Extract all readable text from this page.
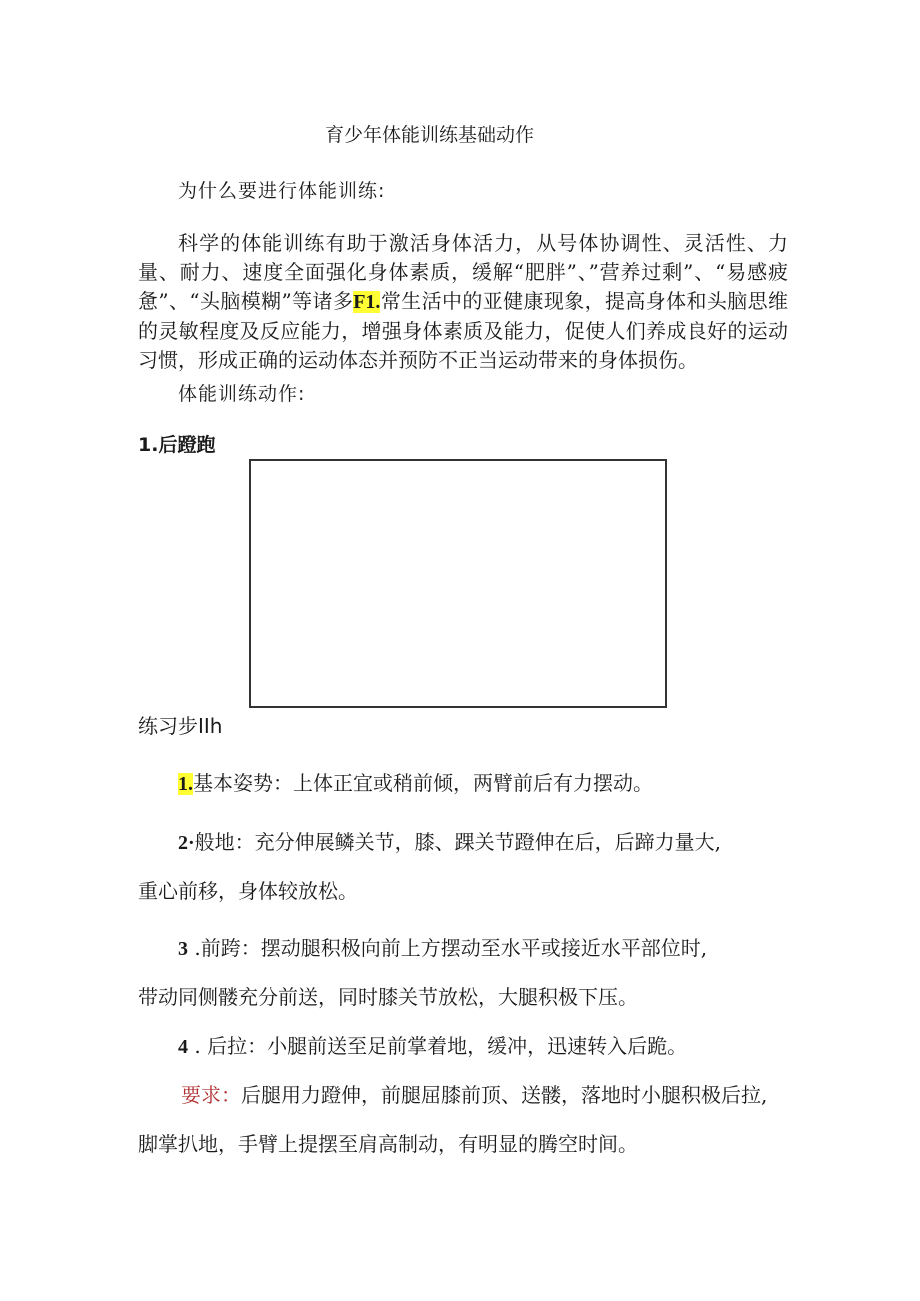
育少年体能训练基础动作
为什么要进行体能训练:
科学的体能训练有助于激活身体活力，从号体协调性、灵活性、力量、耐力、速度全面强化身体素质，缓解“肥胖”、”营养过剩”、“易感疲惫”、“头脑模糊”等诸多F1.常生活中的亚健康现象，提高身体和头脑思维的灵敏程度及反应能力，增强身体素质及能力，促使人们养成良好的运动习惯，形成正确的运动体态并预防不正当运动带来的身体损伤。
体能训练动作:
1.后蹬跑
练习步IIh
1.基本姿势：上体正宜或稍前倾，两臂前后有力摆动。
2·般地：充分伸展鳞关节，膝、踝关节蹬伸在后，后蹄力量大,
重心前移，身体较放松。
3 .前跨：摆动腿积极向前上方摆动至水平或接近水平部位时,
带动同侧髅充分前送，同时膝关节放松，大腿积极下压。
4 . 后拉：小腿前送至足前掌着地，缓冲，迅速转入后跪。
要求：后腿用力蹬伸，前腿屈膝前顶、送髅，落地时小腿积极后拉,
脚掌扒地，手臂上提摆至肩高制动，有明显的腾空时间。
